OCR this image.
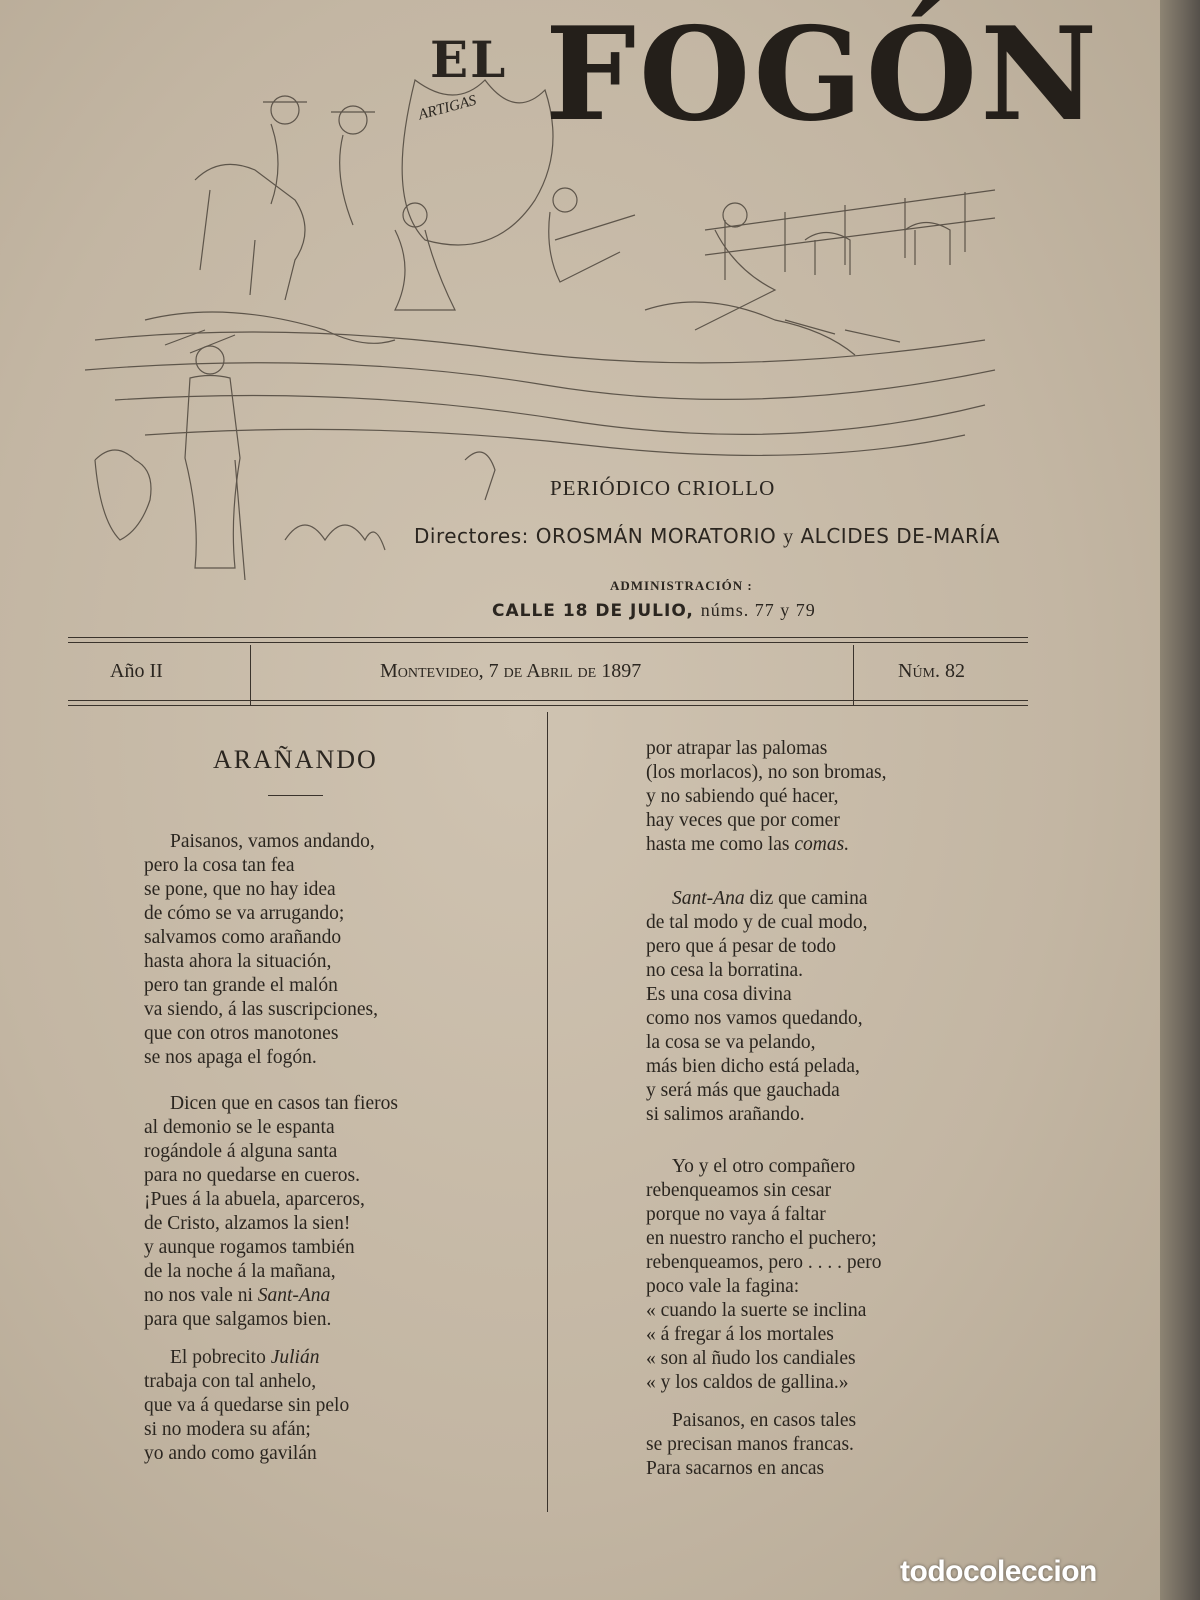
ARTIGAS
EL FOGÓN
PERIÓDICO CRIOLLO
Directores: OROSMÁN MORATORIO y ALCIDES DE-MARÍA
ADMINISTRACIÓN :
CALLE 18 DE JULIO, núms. 77 y 79
Año II	Montevideo, 7 de Abril de 1897	Núm. 82
ARAÑANDO
Paisanos, vamos andando,
pero la cosa tan fea
se pone, que no hay idea
de cómo se va arrugando;
salvamos como arañando
hasta ahora la situación,
pero tan grande el malón
va siendo, á las suscripciones,
que con otros manotones
se nos apaga el fogón.
Dicen que en casos tan fieros
al demonio se le espanta
rogándole á alguna santa
para no quedarse en cueros.
¡Pues á la abuela, aparceros,
de Cristo, alzamos la sien!
y aunque rogamos también
de la noche á la mañana,
no nos vale ni Sant-Ana
para que salgamos bien.
El pobrecito Julián
trabaja con tal anhelo,
que va á quedarse sin pelo
si no modera su afán;
yo ando como gavilán
por atrapar las palomas
(los morlacos), no son bromas,
y no sabiendo qué hacer,
hay veces que por comer
hasta me como las comas.
Sant-Ana diz que camina
de tal modo y de cual modo,
pero que á pesar de todo
no cesa la borratina.
Es una cosa divina
como nos vamos quedando,
la cosa se va pelando,
más bien dicho está pelada,
y será más que gauchada
si salimos arañando.
Yo y el otro compañero
rebenqueamos sin cesar
porque no vaya á faltar
en nuestro rancho el puchero;
rebenqueamos, pero . . . . pero
poco vale la fagina:
« cuando la suerte se inclina
« á fregar á los mortales
« son al ñudo los candiales
« y los caldos de gallina.»
Paisanos, en casos tales
se precisan manos francas.
Para sacarnos en ancas
todocoleccion
